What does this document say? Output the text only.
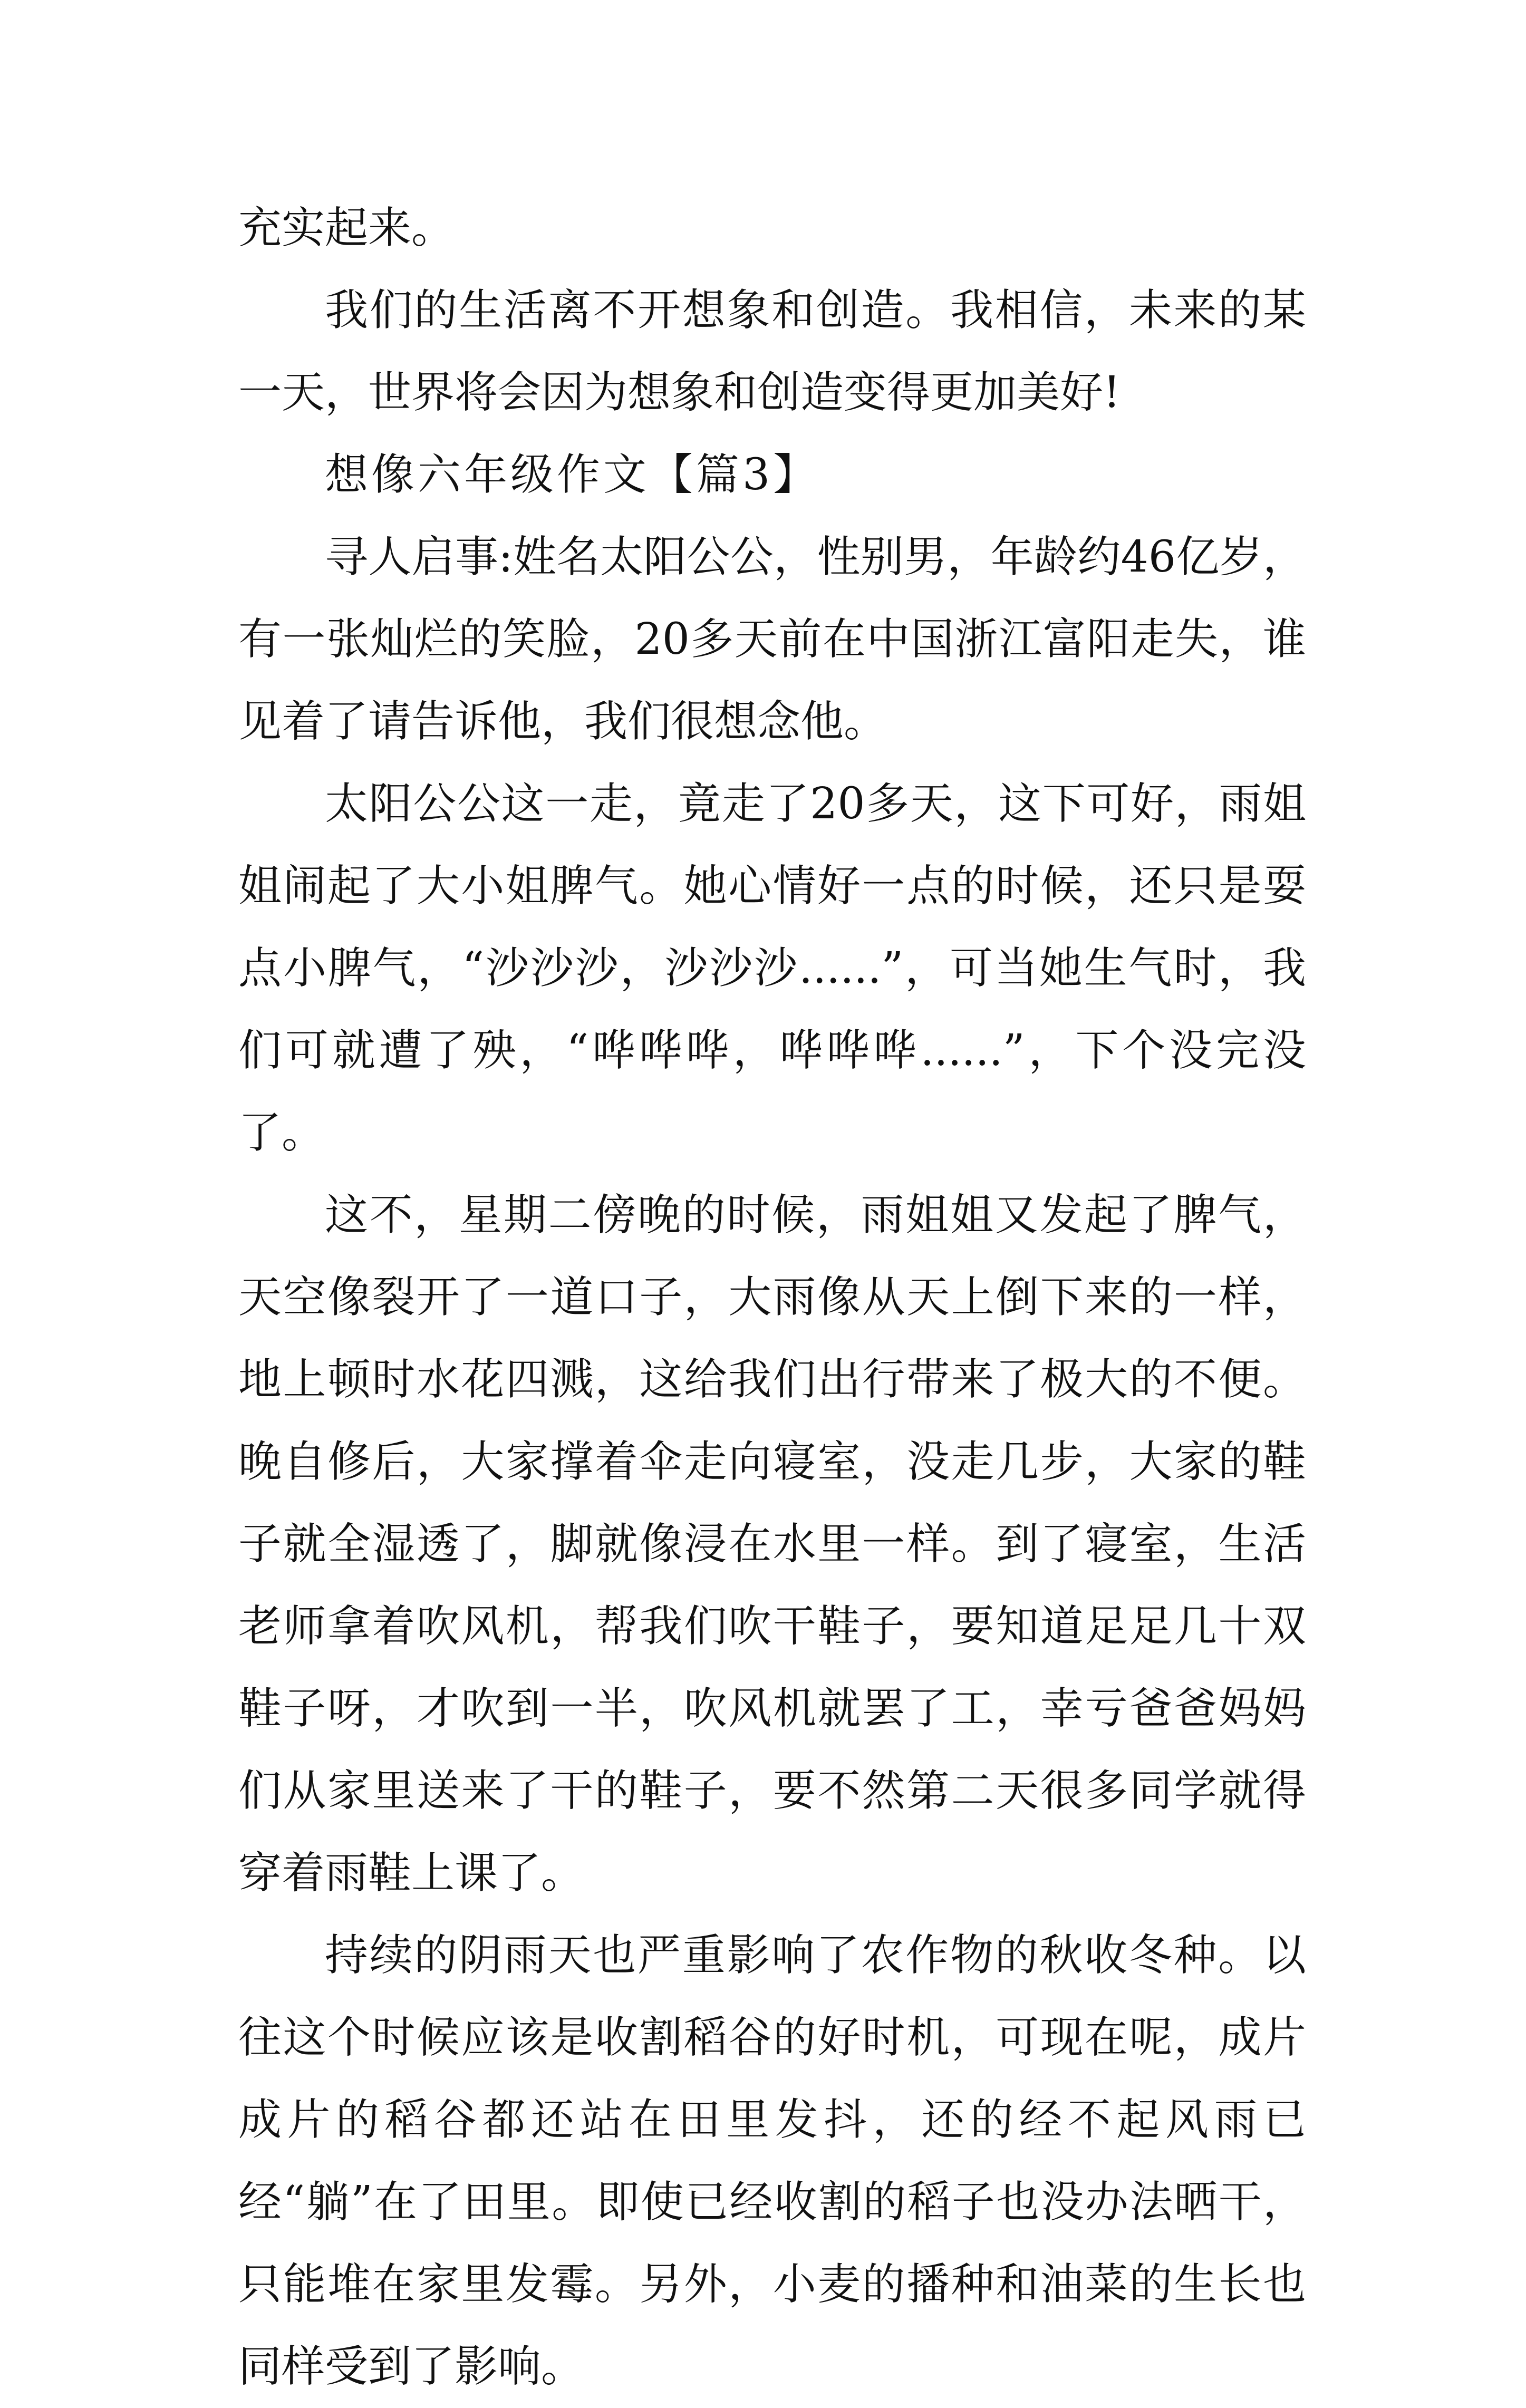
充实起来。

我们的生活离不开想象和创造。我相信，未来的某一天，世界将会因为想象和创造变得更加美好!

想像六年级作文【篇3】

寻人启事:姓名太阳公公，性别男，年龄约46亿岁，有一张灿烂的笑脸，20多天前在中国浙江富阳走失，谁见着了请告诉他，我们很想念他。

太阳公公这一走，竟走了20多天，这下可好，雨姐姐闹起了大小姐脾气。她心情好一点的时候，还只是耍点小脾气，“沙沙沙，沙沙沙......”，可当她生气时，我们可就遭了殃，“哗哗哗，哗哗哗......”，下个没完没了。

这不，星期二傍晚的时候，雨姐姐又发起了脾气，天空像裂开了一道口子，大雨像从天上倒下来的一样，地上顿时水花四溅，这给我们出行带来了极大的不便。晚自修后，大家撑着伞走向寝室，没走几步，大家的鞋子就全湿透了，脚就像浸在水里一样。到了寝室，生活老师拿着吹风机，帮我们吹干鞋子，要知道足足几十双鞋子呀，才吹到一半，吹风机就罢了工，幸亏爸爸妈妈们从家里送来了干的鞋子，要不然第二天很多同学就得穿着雨鞋上课了。

持续的阴雨天也严重影响了农作物的秋收冬种。以往这个时候应该是收割稻谷的好时机，可现在呢，成片成片的稻谷都还站在田里发抖，还的经不起风雨已经“躺”在了田里。即使已经收割的稻子也没办法晒干，只能堆在家里发霉。另外，小麦的播种和油菜的生长也同样受到了影响。
